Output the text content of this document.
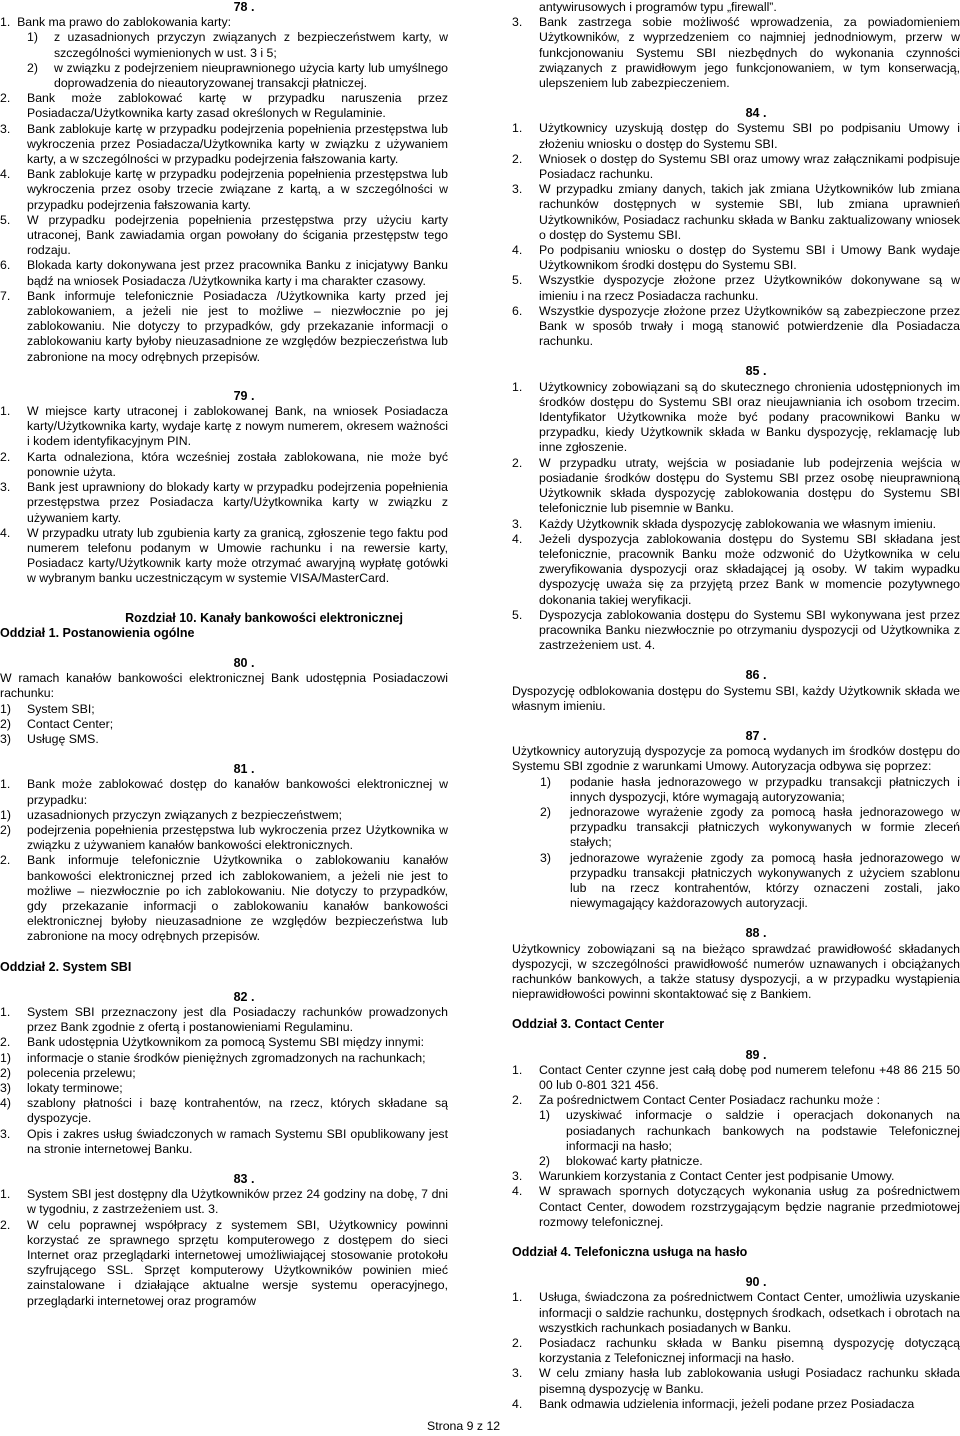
78 .

1.  Bank ma prawo do zablokowania karty:

1) z uzasadnionych przyczyn związanych z bezpieczeństwem karty, w szczególności wymienionych w ust. 3 i 5;

2) w związku z podejrzeniem nieuprawnionego użycia karty lub umyślnego doprowadzenia do nieautoryzowanej transakcji płatniczej.

2. Bank może zablokować kartę w przypadku naruszenia przez Posiadacza/Użytkownika karty zasad określonych w Regulaminie.

3. Bank zablokuje kartę w przypadku podejrzenia popełnienia przestępstwa lub wykroczenia przez Posiadacza/Użytkownika karty w związku z używaniem karty, a w szczególności w przypadku podejrzenia fałszowania karty.

4. Bank zablokuje kartę w przypadku podejrzenia popełnienia przestępstwa lub wykroczenia przez osoby trzecie związane z kartą, a w szczególności w przypadku podejrzenia fałszowania karty.

5. W przypadku podejrzenia popełnienia przestępstwa przy użyciu karty utraconej, Bank zawiadamia organ powołany do ścigania przestępstw tego rodzaju.

6. Blokada karty dokonywana jest przez pracownika Banku z inicjatywy Banku bądź na wniosek Posiadacza /Użytkownika karty i ma charakter czasowy.

7. Bank informuje telefonicznie Posiadacza /Użytkownika karty przed jej zablokowaniem, a jeżeli nie jest to możliwe – niezwłocznie po jej zablokowaniu. Nie dotyczy to przypadków, gdy przekazanie informacji o zablokowaniu karty byłoby nieuzasadnione ze względów bezpieczeństwa lub zabronione na mocy odrębnych przepisów.

79 .

1. W miejsce karty utraconej i zablokowanej Bank, na wniosek Posiadacza karty/Użytkownika karty, wydaje kartę z nowym numerem, okresem ważności i kodem identyfikacyjnym PIN.

2. Karta odnaleziona, która wcześniej została zablokowana, nie może być ponownie użyta.

3. Bank jest uprawniony do blokady karty w przypadku podejrzenia popełnienia przestępstwa przez Posiadacza karty/Użytkownika karty w związku z używaniem karty.

4. W przypadku utraty lub zgubienia karty za granicą, zgłoszenie tego faktu pod numerem telefonu podanym w Umowie rachunku i na rewersie karty, Posiadacz karty/Użytkownik karty może otrzymać awaryjną wypłatę gotówki w wybranym banku uczestniczącym w systemie VISA/MasterCard.

Rozdział 10. Kanały bankowości elektronicznej
Oddział 1. Postanowienia ogólne
80 .

W ramach kanałów bankowości elektronicznej Bank udostępnia Posiadaczowi rachunku:

1) System SBI;

2) Contact Center;

3) Usługę SMS.

81 .

1. Bank może zablokować dostęp do kanałów bankowości elektronicznej w przypadku:

1) uzasadnionych przyczyn związanych z bezpieczeństwem;

2) podejrzenia popełnienia przestępstwa lub wykroczenia przez Użytkownika w związku z używaniem kanałów bankowości elektronicznych.

2. Bank informuje telefonicznie Użytkownika o zablokowaniu kanałów bankowości elektronicznej przed ich zablokowaniem, a jeżeli nie jest to możliwe – niezwłocznie po ich zablokowaniu. Nie dotyczy to przypadków, gdy przekazanie informacji o zablokowaniu kanałów bankowości elektronicznej byłoby nieuzasadnione ze względów bezpieczeństwa lub zabronione na mocy odrębnych przepisów.

Oddział 2. System SBI
82 .

1. System SBI przeznaczony jest dla Posiadaczy rachunków prowadzonych przez Bank zgodnie z ofertą i postanowieniami Regulaminu.

2. Bank udostępnia Użytkownikom za pomocą Systemu SBI między innymi:

1) informacje o stanie środków pieniężnych zgromadzonych na rachunkach;

2) polecenia przelewu;

3) lokaty terminowe;

4) szablony płatności i bazę kontrahentów, na rzecz, których składane są dyspozycje.

3. Opis i zakres usług świadczonych w ramach Systemu SBI opublikowany jest na stronie internetowej Banku.

83 .

1. System SBI jest dostępny dla Użytkowników przez 24 godziny na dobę, 7 dni w tygodniu, z zastrzeżeniem ust. 3.

2. W celu poprawnej współpracy z systemem SBI, Użytkownicy powinni korzystać ze sprawnego sprzętu komputerowego z dostępem do sieci Internet oraz przeglądarki internetowej umożliwiającej stosowanie protokołu szyfrującego SSL. Sprzęt komputerowy Użytkowników powinien mieć zainstalowane i działające aktualne wersje systemu operacyjnego, przeglądarki internetowej oraz programów

antywirusowych i programów typu „firewall”.

3. Bank zastrzega sobie możliwość wprowadzenia, za powiadomieniem Użytkowników, z wyprzedzeniem co najmniej jednodniowym, przerw w funkcjonowaniu Systemu SBI niezbędnych do wykonania czynności związanych z prawidłowym jego funkcjonowaniem, w tym konserwacją, ulepszeniem lub zabezpieczeniem.

84 .

1. Użytkownicy uzyskują dostęp do Systemu SBI po podpisaniu Umowy i złożeniu wniosku o dostęp do Systemu SBI.

2. Wniosek o dostęp do Systemu SBI oraz umowy wraz załącznikami podpisuje Posiadacz rachunku.

3. W przypadku zmiany danych, takich jak zmiana Użytkowników lub zmiana rachunków dostępnych w systemie SBI, lub zmiana uprawnień Użytkowników, Posiadacz rachunku składa w Banku zaktualizowany wniosek o dostęp do Systemu SBI.

4. Po podpisaniu wniosku o dostęp do Systemu SBI i Umowy Bank wydaje Użytkownikom środki dostępu do Systemu SBI.

5. Wszystkie dyspozycje złożone przez Użytkowników dokonywane są w imieniu i na rzecz Posiadacza rachunku.

6. Wszystkie dyspozycje złożone przez Użytkowników są zabezpieczone przez Bank w sposób trwały i mogą stanowić potwierdzenie dla Posiadacza rachunku.

85 .

1. Użytkownicy zobowiązani są do skutecznego chronienia udostępnionych im środków dostępu do Systemu SBI oraz nieujawniania ich osobom trzecim. Identyfikator Użytkownika może być podany pracownikowi Banku w przypadku, kiedy Użytkownik składa w Banku dyspozycję, reklamację lub inne zgłoszenie.

2. W przypadku utraty, wejścia w posiadanie lub podejrzenia wejścia w posiadanie środków dostępu do Systemu SBI przez osobę nieuprawnioną Użytkownik składa dyspozycję zablokowania dostępu do Systemu SBI telefonicznie lub pisemnie w Banku.

3. Każdy Użytkownik składa dyspozycję zablokowania we własnym imieniu.

4. Jeżeli dyspozycja zablokowania dostępu do Systemu SBI składana jest telefonicznie, pracownik Banku może odzwonić do Użytkownika w celu zweryfikowania dyspozycji oraz składającej ją osoby. W takim wypadku dyspozycję uważa się za przyjętą przez Bank w momencie pozytywnego dokonania takiej weryfikacji.

5. Dyspozycja zablokowania dostępu do Systemu SBI wykonywana jest przez pracownika Banku niezwłocznie po otrzymaniu dyspozycji od Użytkownika z zastrzeżeniem ust. 4.

86 .

Dyspozycję odblokowania dostępu do Systemu SBI, każdy Użytkownik składa we własnym imieniu.

87 .

Użytkownicy autoryzują dyspozycje za pomocą wydanych im środków dostępu do Systemu SBI zgodnie z warunkami Umowy. Autoryzacja odbywa się poprzez:

1) podanie hasła jednorazowego w przypadku transakcji płatniczych i innych dyspozycji, które wymagają autoryzowania;

2) jednorazowe wyrażenie zgody za pomocą hasła jednorazowego w przypadku transakcji płatniczych wykonywanych w formie zleceń stałych;

3) jednorazowe wyrażenie zgody za pomocą hasła jednorazowego w przypadku transakcji płatniczych wykonywanych z użyciem szablonu lub na rzecz kontrahentów, którzy oznaczeni zostali, jako niewymagający każdorazowych autoryzacji.

88 .

Użytkownicy zobowiązani są na bieżąco sprawdzać prawidłowość składanych dyspozycji, w szczególności prawidłowość numerów uznawanych i obciążanych rachunków bankowych, a także statusy dyspozycji, a w przypadku wystąpienia nieprawidłowości powinni skontaktować się z Bankiem.

Oddział 3. Contact Center
89 .

1. Contact Center czynne jest całą dobę pod numerem telefonu +48 86 215 50 00 lub 0-801 321 456.

2. Za pośrednictwem Contact Center Posiadacz rachunku może :

1) uzyskiwać informacje o saldzie i operacjach dokonanych na posiadanych rachunkach bankowych na podstawie Telefonicznej informacji na hasło;

2) blokować karty płatnicze.

3. Warunkiem korzystania z Contact Center jest podpisanie Umowy.

4. W sprawach spornych dotyczących wykonania usług za pośrednictwem Contact Center, dowodem rozstrzygającym będzie nagranie przedmiotowej rozmowy telefonicznej.

Oddział 4. Telefoniczna usługa na hasło
90 .

1. Usługa, świadczona za pośrednictwem Contact Center, umożliwia uzyskanie informacji o saldzie rachunku, dostępnych środkach, odsetkach i obrotach na wszystkich rachunkach posiadanych w Banku.

2. Posiadacz rachunku składa w Banku pisemną dyspozycję dotyczącą korzystania z Telefonicznej informacji na hasło.

3. W celu zmiany hasła lub zablokowania usługi Posiadacz rachunku składa pisemną dyspozycję w Banku.

4. Bank odmawia udzielenia informacji, jeżeli podane przez Posiadacza

Strona 9 z 12
